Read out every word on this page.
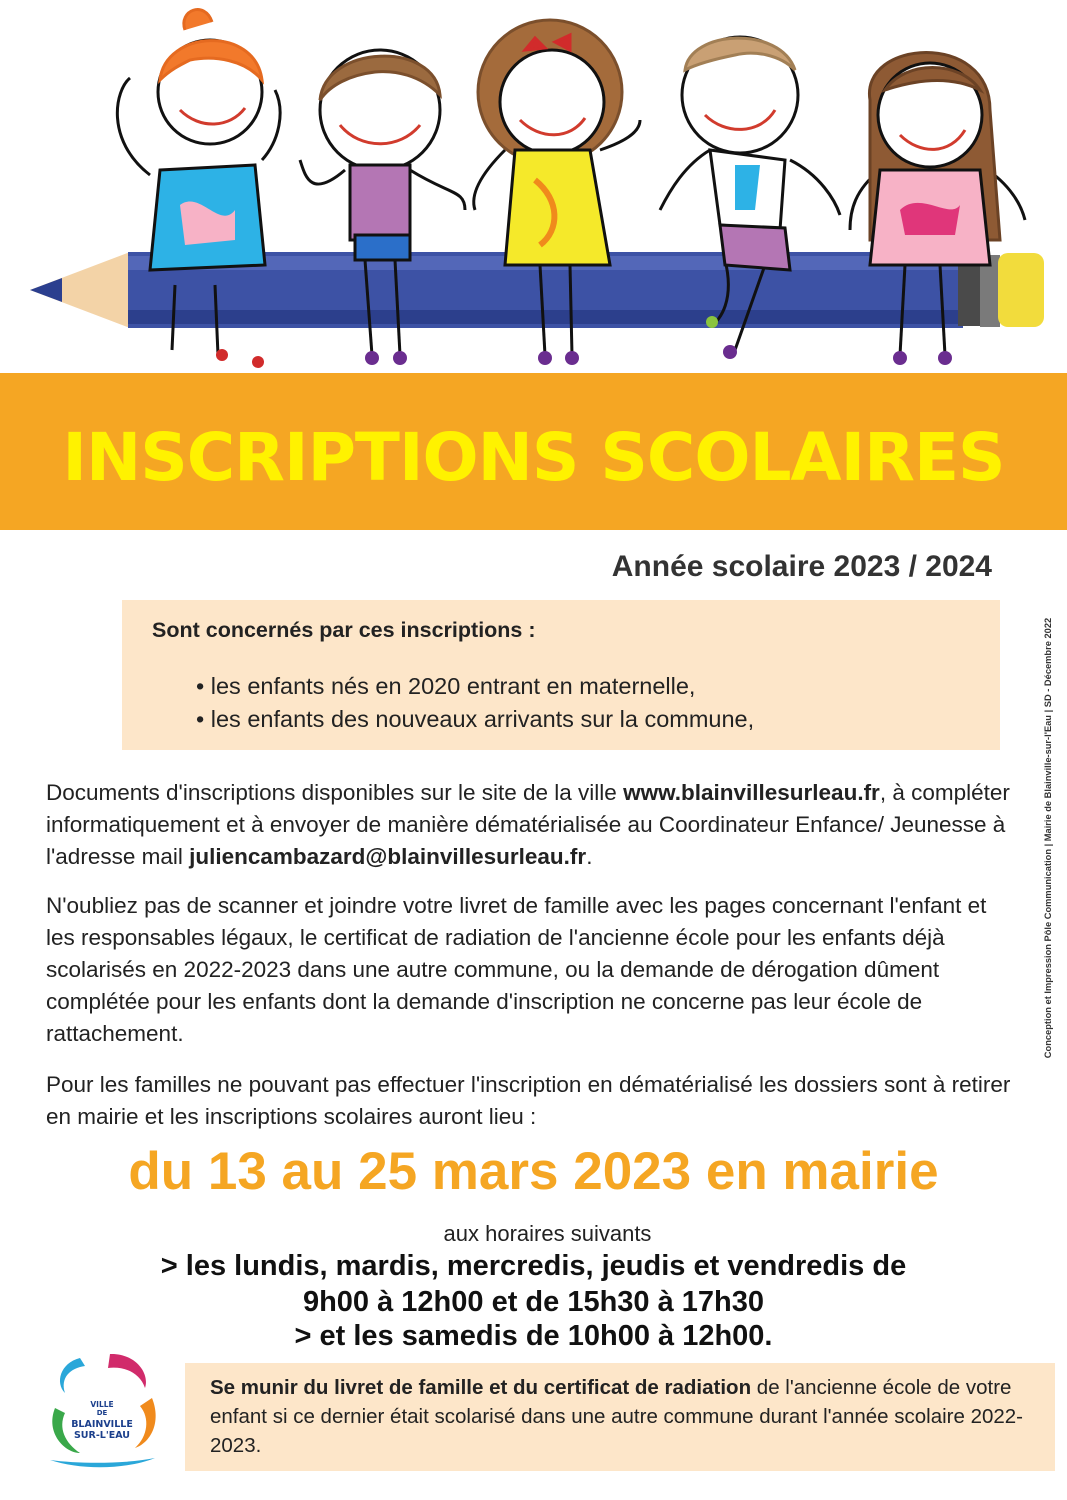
INSCRIPTIONS SCOLAIRES
Année scolaire 2023 / 2024
Conception et Impression Pôle Communication | Mairie de Blainville-sur-l'Eau | SD - Décembre 2022
Sont concernés par ces inscriptions :
• les enfants nés en 2020 entrant en maternelle,
• les enfants des nouveaux arrivants sur la commune,

Documents d'inscriptions disponibles sur le site de la ville www.blainvillesurleau.fr, à compléter informatiquement et à envoyer de manière dématérialisée au Coordinateur Enfance/ Jeunesse à l'adresse mail juliencambazard@blainvillesurleau.fr.

N'oubliez pas de scanner et joindre votre livret de famille avec les pages concernant l'enfant et les responsables légaux, le certificat de radiation de l'ancienne école pour les enfants déjà scolarisés en 2022-2023 dans une autre commune, ou la demande de dérogation dûment complétée pour les enfants dont la demande d'inscription ne concerne pas leur école de rattachement.

Pour les familles ne pouvant pas effectuer l'inscription en dématérialisé les dossiers sont à retirer en mairie et les inscriptions scolaires auront lieu :

du 13 au 25 mars 2023 en mairie
aux horaires suivants
> les lundis, mardis, mercredis, jeudis et vendredis de
9h00 à 12h00 et de 15h30 à 17h30
> et les samedis de 10h00 à 12h00.
VILLE
DE
BLAINVILLE
SUR-L'EAU

Se munir du livret de famille et du certificat de radiation de l'ancienne école de votre enfant si ce dernier était scolarisé dans une autre commune durant l'année scolaire 2022-2023.
